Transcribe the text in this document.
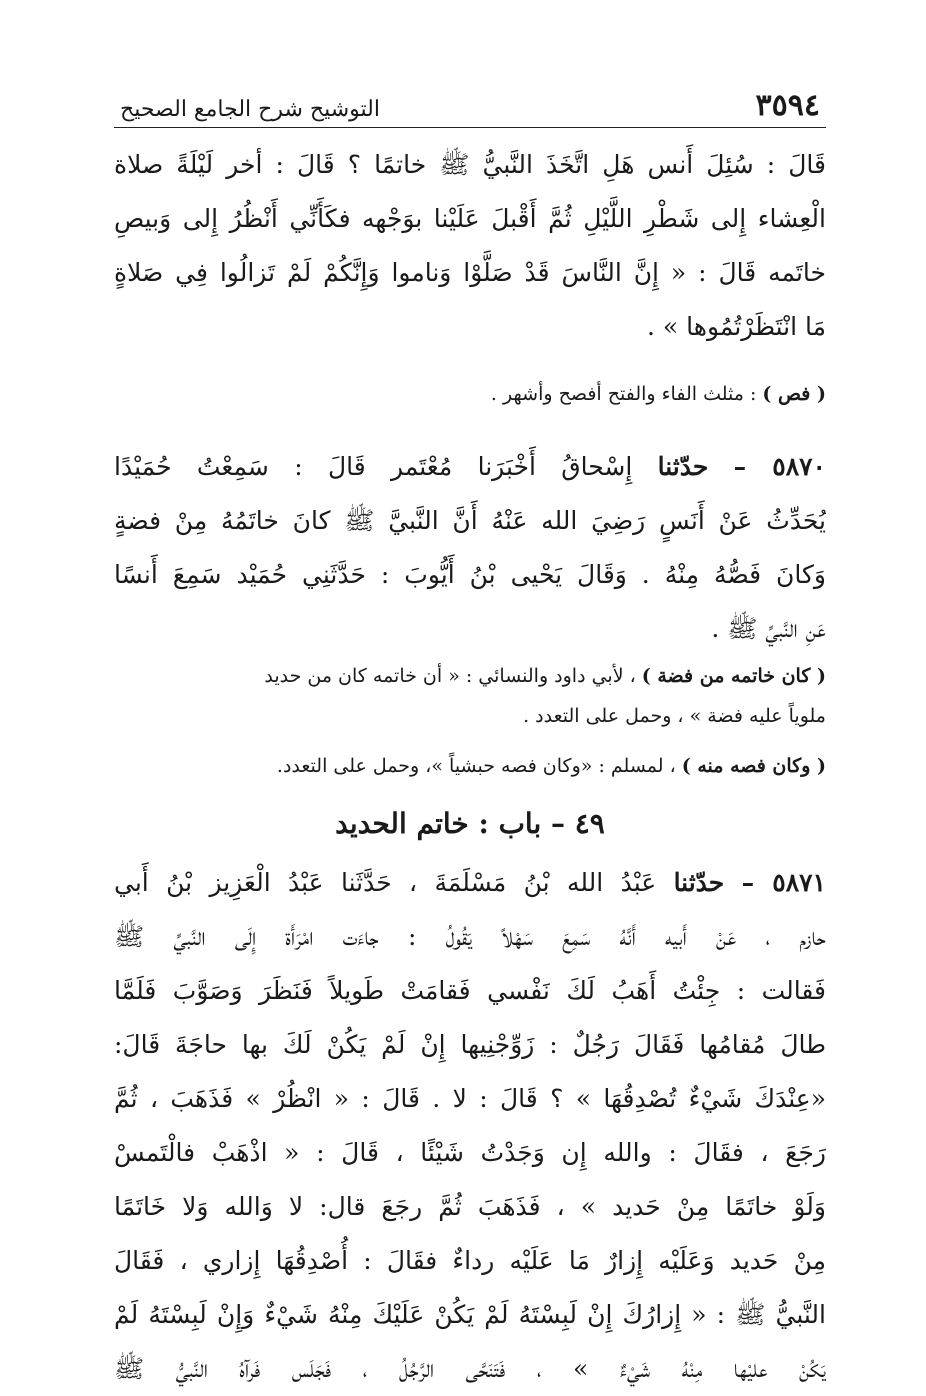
٣٥٩٤
التوشيح شرح الجامع الصحيح
قَالَ : سُئِلَ أَنس هَلِ اتَّخَذَ النَّبيُّ ﷺ خاتمًا ؟ قَالَ : أخر لَيْلَةً صلاة
الْعِشاء إِلى شَطْرِ اللَّيْلِ ثُمَّ أَقْبلَ عَلَيْنا بوَجْهه فكَأَنِّي أَنْظُرُ إِلى وَبيصِ
خاتَمه قَالَ : « إِنَّ النَّاسَ قَدْ صَلَّوْا وَناموا وَإِنَّكُمْ لَمْ تَزالُوا فِي صَلاةٍ
مَا انْتَظَرْتُمُوها » .
( فص ) : مثلث الفاء والفتح أفصح وأشهر .
٥٨٧٠ – حدّثنا إِسْحاقُ أَخْبَرَنا مُعْتَمر قَالَ : سَمِعْتُ حُمَيْدًا
يُحَدِّثُ عَنْ أَنَسٍ رَضِيَ الله عَنْهُ أَنَّ النَّبيَّ ﷺ كانَ خاتَمُهُ مِنْ فضةٍ
وَكانَ فَصُّهُ مِنْهُ . وَقَالَ يَحْيى بْنُ أَيُّوبَ : حَدَّثَنِي حُمَيْد سَمِعَ أَنسًا
عَنِ النَّبيِّ ﷺ .
( كان خاتمه من فضة ) ، لأبي داود والنسائي : « أن خاتمه كان من حديد
ملوياً عليه فضة » ، وحمل على التعدد .
( وكان فصه منه ) ، لمسلم : «وكان فصه حبشياً »، وحمل على التعدد.
٤٩ – باب : خاتم الحديد
٥٨٧١ – حدّثنا عَبْدُ الله بْنُ مَسْلَمَةَ ، حَدَّثَنا عَبْدُ الْعَزِيز بْنُ أَبي
حازم ، عَنْ أَبيه أَنَّهُ سَمِعَ سَهْلاً يَقُولُ : جاءَت امْرَأَة إِلَى النَّبيِّ ﷺ
فَقالت : جِئْتُ أَهَبُ لَكَ نَفْسي فَقامَتْ طَويلاً فَنَظَرَ وَصَوَّبَ فَلَمَّا
طالَ مُقامُها فَقَالَ رَجُلٌ : زَوِّجْنِيها إِنْ لَمْ يَكُنْ لَكَ بها حاجَةَ قَالَ:
«عِنْدَكَ شَيْءٌ تُصْدِقُهَا » ؟ قَالَ : لا . قَالَ : « انْظُرْ » فَذَهَبَ ، ثُمَّ
رَجَعَ ، فقَالَ : والله إِن وَجَدْتُ شَيْئًا ، قَالَ : « اذْهَبْ فالْتَمسْ
وَلَوْ خاتَمًا مِنْ حَديد » ، فَذَهَبَ ثُمَّ رجَعَ قال: لا وَالله وَلا خَاتَمًا
مِنْ حَديد وَعَلَيْه إِزارٌ مَا عَلَيْه رداءٌ فقَالَ : أُصْدِقُهَا إِزاري ، فَقَالَ
النَّبيُّ ﷺ : « إِزارُكَ إِنْ لَبِسْتَهُ لَمْ يَكُنْ عَلَيْكَ مِنْهُ شَيْءٌ وَإِنْ لَبِسْتَهُ لَمْ
يَكُنْ عليْها مِنْهُ شَيْءٌ » ، فَتَنَحَّى الرَّجُلُ ، فَجَلَس فَرآهُ النَّبيُّ ﷺ
